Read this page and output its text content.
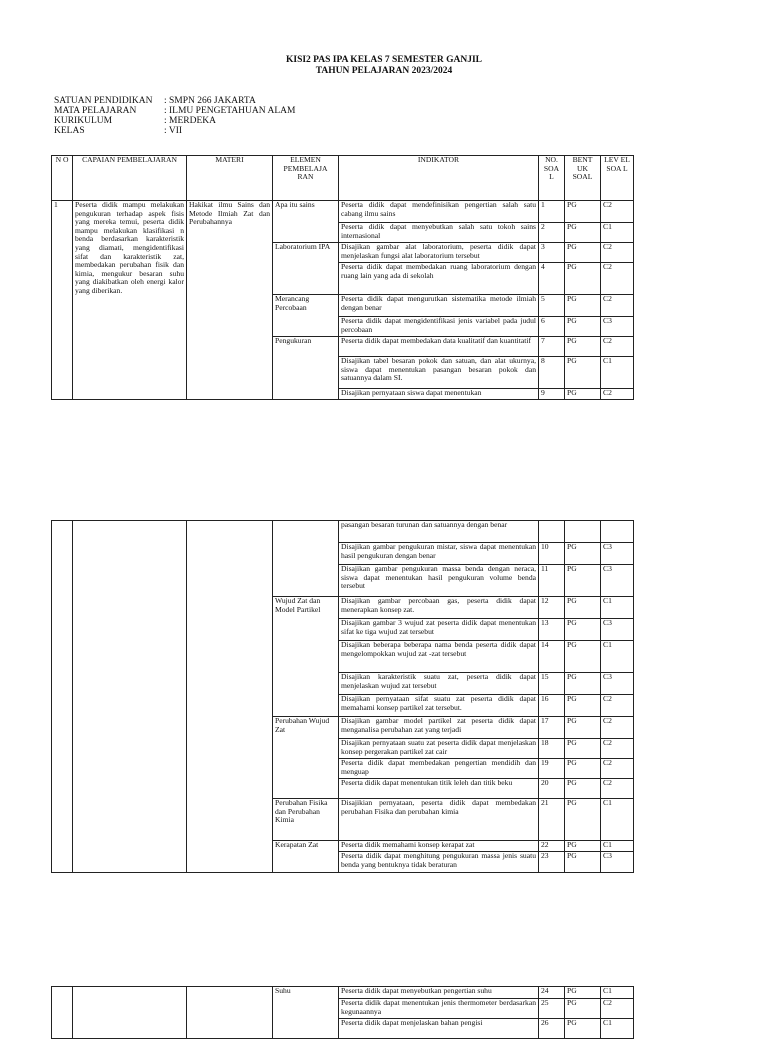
KISI2 PAS IPA KELAS 7 SEMESTER GANJIL
TAHUN PELAJARAN 2023/2024
SATUAN PENDIDIKAN	: SMPN 266 JAKARTA
MATA PELAJARAN	: ILMU PENGETAHUAN ALAM
KURIKULUM	: MERDEKA
KELAS	: VII
N O	CAPAIAN PEMBELAJARAN	MATERI	ELEMEN PEMBELAJA RAN	INDIKATOR	NO. SOA L	BENT UK SOAL	LEV EL SOA L
1	Peserta didik mampu melakukan pengukuran terhadap aspek fisis yang mereka temui, peserta didik mampu melakukan klasifikasi n benda berdasarkan karakteristik yang diamati, mengidentifikasi sifat dan karakteristik zat, membedakan perubahan fisik dan kimia, mengukur besaran suhu yang diakibatkan oleh energi kalor yang diberikan.	Hakikat ilmu Sains dan Metode Ilmiah Zat dan Perubahannya	Apa itu sains	Peserta didik dapat mendefinisikan pengertian salah satu cabang ilmu sains	1	PG	C2
				Peserta didik dapat menyebutkan salah satu tokoh sains internasional	2	PG	C1
			Laboratorium IPA	Disajikan gambar alat laboratorium, peserta didik dapat menjelaskan fungsi alat laboratorium tersebut	3	PG	C2
				Peserta didik dapat membedakan ruang laboratorium dengan ruang lain yang ada di sekolah	4	PG	C2
			Merancang Percobaan	Peserta didik dapat mengurutkan sistematika metode ilmiah dengan benar	5	PG	C2
				Peserta didik dapat mengidentifikasi jenis variabel pada judul percobaan	6	PG	C3
			Pengukuran	Peserta didik dapat membedakan data kualitatif dan kuantitatif	7	PG	C2
				Disajikan tabel besaran pokok dan satuan, dan alat ukurnya, siswa dapat menentukan pasangan besaran pokok dan satuannya dalam SI.	8	PG	C1
				Disajikan pernyataan siswa dapat menentukan	9	PG	C2
				pasangan besaran turunan dan satuannya dengan benar			
				Disajikan gambar pengukuran mistar, siswa dapat menentukan hasil pengukuran dengan benar	10	PG	C3
				Disajikan gambar pengukuran massa benda dengan neraca, siswa dapat menentukan hasil pengukuran volume benda tersebut	11	PG	C3
			Wujud Zat dan Model Partikel	Disajikan gambar percobaan gas, peserta didik dapat menerapkan konsep zat.	12	PG	C1
				Disajikan gambar 3 wujud zat peserta didik dapat menentukan sifat ke tiga wujud zat tersebut	13	PG	C3
				Disajikan beberapa beberapa nama benda peserta didik dapat mengelompokkan wujud zat -zat tersebut	14	PG	C1
				Disajikan karakteristik suatu zat, peserta didik dapat menjelaskan wujud zat tersebut	15	PG	C3
				Disajikan pernyataan sifat suatu zat peserta didik dapat memahami konsep partikel zat tersebut.	16	PG	C2
			Perubahan Wujud Zat	Disajikan gambar model partikel zat peserta didik dapat menganalisa perubahan zat yang terjadi	17	PG	C2
				Disajikan pernyataan suatu zat peserta didik dapat menjelaskan konsep pergerakan partikel zat cair	18	PG	C2
				Peserta didik dapat membedakan pengertian mendidih dan menguap	19	PG	C2
				Peserta didik dapat menentukan titik leleh dan titik beku	20	PG	C2
			Perubahan Fisika dan Perubahan Kimia	Disajikian pernyataan, peserta didik dapat membedakan perubahan Fisika dan perubahan kimia	21	PG	C1
			Kerapatan Zat	Peserta didik memahami konsep kerapat zat	22	PG	C1
				Peserta didik dapat menghitung pengukuran massa jenis suatu benda yang bentuknya tidak beraturan	23	PG	C3
			Suhu	Peserta didik dapat menyebutkan pengertian suhu	24	PG	C1
				Peserta didik dapat menentukan jenis thermometer berdasarkan kegunaannya	25	PG	C2
				Peserta didik dapat menjelaskan bahan pengisi	26	PG	C1
